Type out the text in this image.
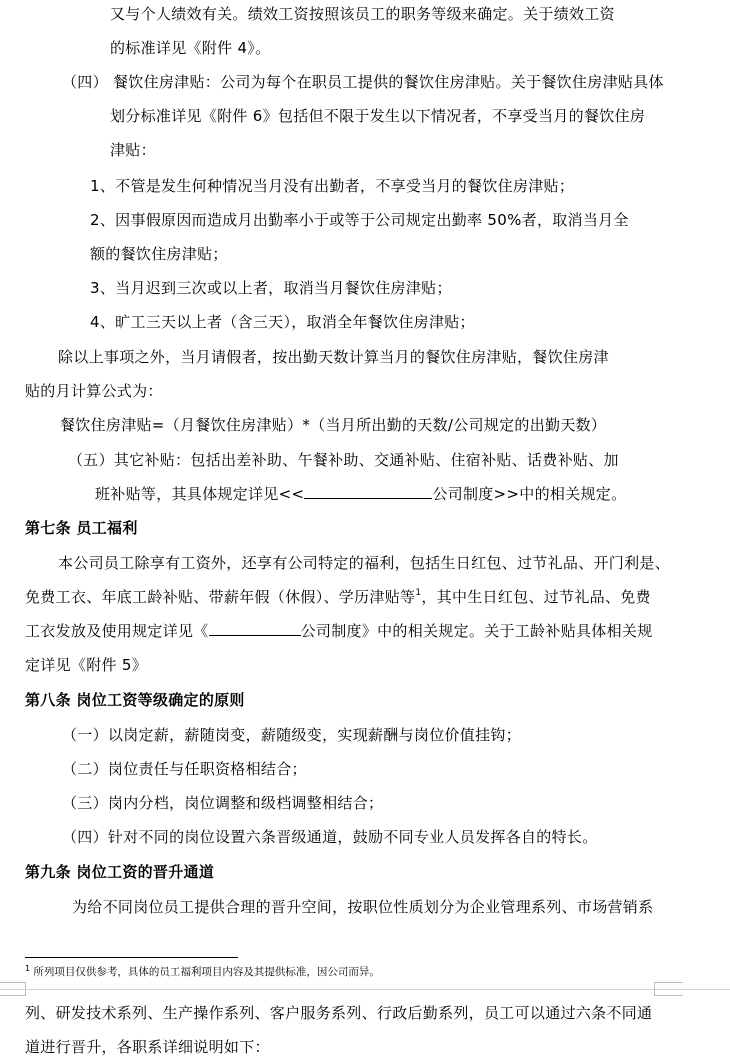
又与个人绩效有关。绩效工资按照该员工的职务等级来确定。关于绩效工资
的标准详见《附件 4》。
（四） 餐饮住房津贴：公司为每个在职员工提供的餐饮住房津贴。关于餐饮住房津贴具体
划分标准详见《附件 6》包括但不限于发生以下情况者，不享受当月的餐饮住房
津贴：
1、不管是发生何种情况当月没有出勤者，不享受当月的餐饮住房津贴；
2、因事假原因而造成月出勤率小于或等于公司规定出勤率 50%者，取消当月全
额的餐饮住房津贴；
3、当月迟到三次或以上者，取消当月餐饮住房津贴；
4、旷工三天以上者（含三天），取消全年餐饮住房津贴；
除以上事项之外，当月请假者，按出勤天数计算当月的餐饮住房津贴，餐饮住房津
贴的月计算公式为：
餐饮住房津贴=（月餐饮住房津贴）*（当月所出勤的天数/公司规定的出勤天数）
（五）其它补贴：包括出差补助、午餐补助、交通补贴、住宿补贴、话费补贴、加
班补贴等，其具体规定详见<<	公司制度>>中的相关规定。
第七条 员工福利
本公司员工除享有工资外，还享有公司特定的福利，包括生日红包、过节礼品、开门利是、
免费工衣、年底工龄补贴、带薪年假（休假）、学历津贴等$^1$，其中生日红包、过节礼品、免费
工衣发放及使用规定详见《	公司制度》中的相关规定。关于工龄补贴具体相关规
定详见《附件 5》
第八条 岗位工资等级确定的原则
（一）以岗定薪，薪随岗变，薪随级变，实现薪酬与岗位价值挂钩；
（二）岗位责任与任职资格相结合；
（三）岗内分档，岗位调整和级档调整相结合；
（四）针对不同的岗位设置六条晋级通道，鼓励不同专业人员发挥各自的特长。
第九条 岗位工资的晋升通道
为给不同岗位员工提供合理的晋升空间，按职位性质划分为企业管理系列、市场营销系
$^1$ 所列项目仅供参考，具体的员工福利项目内容及其提供标准，因公司而异。
列、研发技术系列、生产操作系列、客户服务系列、行政后勤系列，员工可以通过六条不同通
道进行晋升，各职系详细说明如下：
